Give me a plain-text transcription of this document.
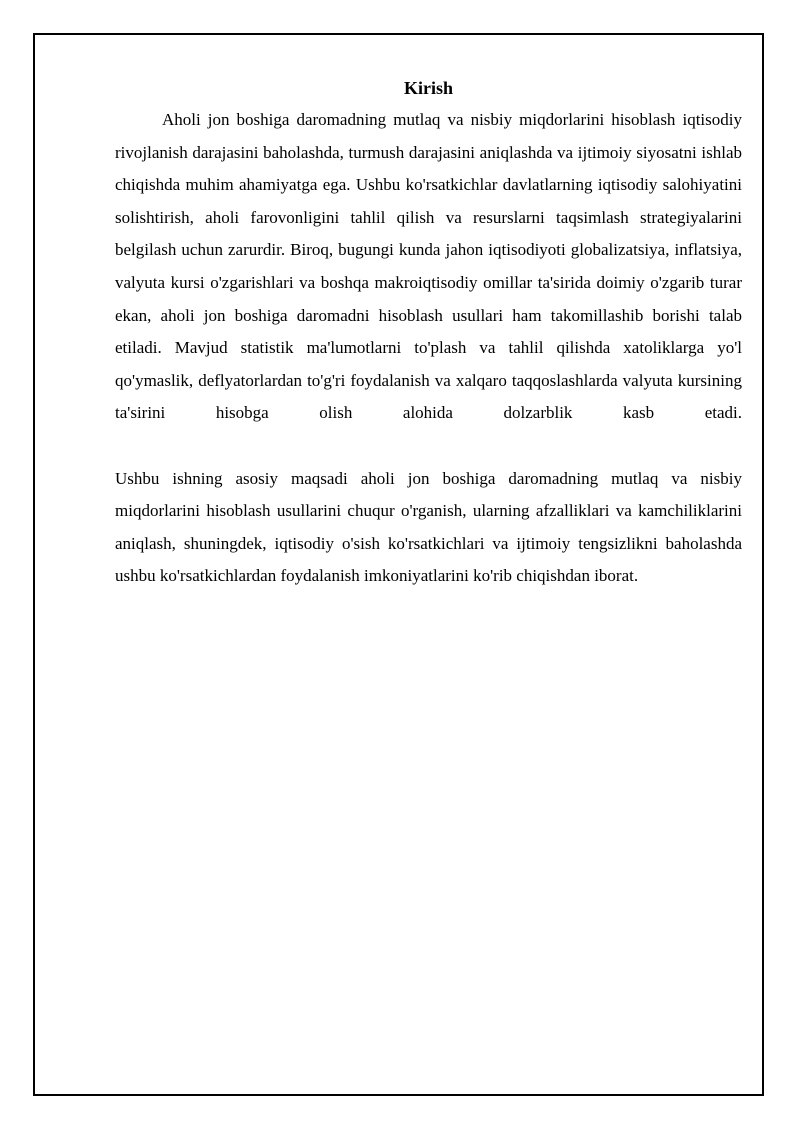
Kirish

Aholi jon boshiga daromadning mutlaq va nisbiy miqdorlarini hisoblash iqtisodiy rivojlanish darajasini baholashda, turmush darajasini aniqlashda va ijtimoiy siyosatni ishlab chiqishda muhim ahamiyatga ega. Ushbu ko'rsatkichlar davlatlarning iqtisodiy salohiyatini solishtirish, aholi farovonligini tahlil qilish va resurslarni taqsimlash strategiyalarini belgilash uchun zarurdir. Biroq, bugungi kunda jahon iqtisodiyoti globalizatsiya, inflatsiya, valyuta kursi o'zgarishlari va boshqa makroiqtisodiy omillar ta'sirida doimiy o'zgarib turar ekan, aholi jon boshiga daromadni hisoblash usullari ham takomillashib borishi talab etiladi. Mavjud statistik ma'lumotlarni to'plash va tahlil qilishda xatoliklarga yo'l qo'ymaslik, deflyatorlardan to'g'ri foydalanish va xalqaro taqqoslashlarda valyuta kursining ta'sirini hisobga olish alohida dolzarblik kasb etadi.

Ushbu ishning asosiy maqsadi aholi jon boshiga daromadning mutlaq va nisbiy miqdorlarini hisoblash usullarini chuqur o'rganish, ularning afzalliklari va kamchiliklarini aniqlash, shuningdek, iqtisodiy o'sish ko'rsatkichlari va ijtimoiy tengsizlikni baholashda ushbu ko'rsatkichlardan foydalanish imkoniyatlarini ko'rib chiqishdan iborat.
